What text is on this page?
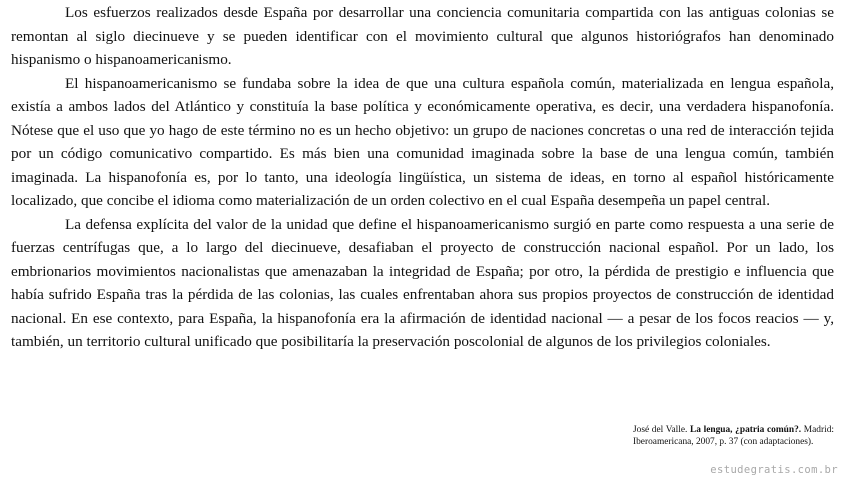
Los esfuerzos realizados desde España por desarrollar una conciencia comunitaria compartida con las antiguas colonias se remontan al siglo diecinueve y se pueden identificar con el movimiento cultural que algunos historiógrafos han denominado hispanismo o hispanoamericanismo.

El hispanoamericanismo se fundaba sobre la idea de que una cultura española común, materializada en lengua española, existía a ambos lados del Atlántico y constituía la base política y económicamente operativa, es decir, una verdadera hispanofonía. Nótese que el uso que yo hago de este término no es un hecho objetivo: un grupo de naciones concretas o una red de interacción tejida por un código comunicativo compartido. Es más bien una comunidad imaginada sobre la base de una lengua común, también imaginada. La hispanofonía es, por lo tanto, una ideología lingüística, un sistema de ideas, en torno al español históricamente localizado, que concibe el idioma como materialización de un orden colectivo en el cual España desempeña un papel central.

La defensa explícita del valor de la unidad que define el hispanoamericanismo surgió en parte como respuesta a una serie de fuerzas centrífugas que, a lo largo del diecinueve, desafiaban el proyecto de construcción nacional español. Por un lado, los embrionarios movimientos nacionalistas que amenazaban la integridad de España; por otro, la pérdida de prestigio e influencia que había sufrido España tras la pérdida de las colonias, las cuales enfrentaban ahora sus propios proyectos de construcción de identidad nacional. En ese contexto, para España, la hispanofonía era la afirmación de identidad nacional — a pesar de los focos reacios — y, también, un territorio cultural unificado que posibilitaría la preservación poscolonial de algunos de los privilegios coloniales.

José del Valle. La lengua, ¿patria común?. Madrid: Iberoamericana, 2007, p. 37 (con adaptaciones).
estudegratis.com.br
